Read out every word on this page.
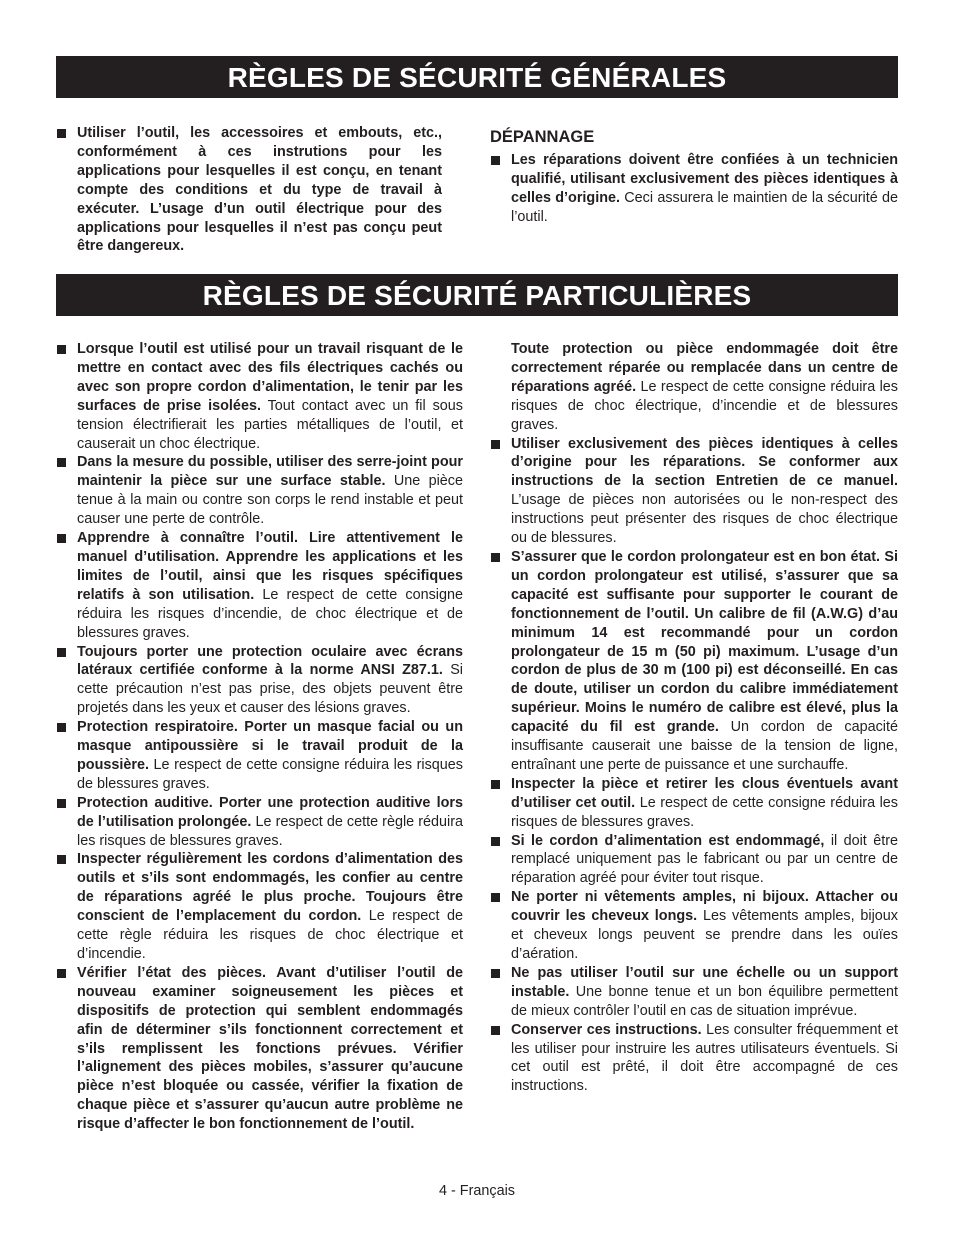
RÈGLES DE SÉCURITÉ GÉNÉRALES

Utiliser l’outil, les accessoires et embouts, etc., conformément à ces instrutions pour les applications pour lesquelles il est conçu, en tenant compte des conditions et du type de travail à exécuter. L’usage d’un outil électrique pour des applications pour lesquelles il n’est pas conçu peut être dangereux.

DÉPANNAGE

Les réparations doivent être confiées à un technicien qualifié, utilisant exclusivement des pièces identiques à celles d’origine. Ceci assurera le maintien de la sécurité de l’outil.

RÈGLES DE SÉCURITÉ PARTICULIÈRES

Lorsque l’outil est utilisé pour un travail risquant de le mettre en contact avec des fils électriques cachés ou avec son propre cordon d’alimentation, le tenir par les surfaces de prise isolées. Tout contact avec un fil sous tension électrifierait les parties métalliques de l’outil, et causerait un choc électrique.

Dans la mesure du possible, utiliser des serre-joint pour maintenir la pièce sur une surface stable. Une pièce tenue à la main ou contre son corps le rend instable et peut causer une perte de contrôle.

Apprendre à connaître l’outil. Lire attentivement le manuel d’utilisation. Apprendre les applications et les limites de l’outil, ainsi que les risques spécifiques relatifs à son utilisation. Le respect de cette consigne réduira les risques d’incendie, de choc électrique et de blessures graves.

Toujours porter une protection oculaire avec écrans latéraux certifiée conforme à la norme ANSI Z87.1. Si cette précaution n’est pas prise, des objets peuvent être projetés dans les yeux et causer des lésions graves.

Protection respiratoire. Porter un masque facial ou un masque antipoussière si le travail produit de la poussière. Le respect de cette consigne réduira les risques de blessures graves.

Protection auditive. Porter une protection auditive lors de l’utilisation prolongée. Le respect de cette règle réduira les risques de blessures graves.

Inspecter régulièrement les cordons d’alimentation des outils et s’ils sont endommagés, les confier au centre de réparations agréé le plus proche. Toujours être conscient de l’emplacement du cordon. Le respect de cette règle réduira les risques de choc électrique et d’incendie.

Vérifier l’état des pièces. Avant d’utiliser l’outil de nouveau examiner soigneusement les pièces et dispositifs de protection qui semblent endommagés afin de déterminer s’ils fonctionnent correctement et s’ils remplissent les fonctions prévues. Vérifier l’alignement des pièces mobiles, s’assurer qu’aucune pièce n’est bloquée ou cassée, vérifier la fixation de chaque pièce et s’assurer qu’aucun autre problème ne risque d’affecter le bon fonctionnement de l’outil.

Toute protection ou pièce endommagée doit être correctement réparée ou remplacée dans un centre de réparations agréé. Le respect de cette consigne réduira les risques de choc électrique, d’incendie et de blessures graves.

Utiliser exclusivement des pièces identiques à celles d’origine pour les réparations. Se conformer aux instructions de la section Entretien de ce manuel. L’usage de pièces non autorisées ou le non-respect des instructions peut présenter des risques de choc électrique ou de blessures.

S’assurer que le cordon prolongateur est en bon état. Si un cordon prolongateur est utilisé, s’assurer que sa capacité est suffisante pour supporter le courant de fonctionnement de l’outil. Un calibre de fil (A.W.G) d’au minimum 14 est recommandé pour un cordon prolongateur de 15 m (50 pi) maximum. L’usage d’un cordon de plus de 30 m (100 pi) est déconseillé. En cas de doute, utiliser un cordon du calibre immédiatement supérieur. Moins le numéro de calibre est élevé, plus la capacité du fil est grande. Un cordon de capacité insuffisante causerait une baisse de la tension de ligne, entraînant une perte de puissance et une surchauffe.

Inspecter la pièce et retirer les clous éventuels avant d’utiliser cet outil. Le respect de cette consigne réduira les risques de blessures graves.

Si le cordon d’alimentation est endommagé, il doit être remplacé uniquement pas le fabricant ou par un centre de réparation agréé pour éviter tout risque.

Ne porter ni vêtements amples, ni bijoux. Attacher ou couvrir les cheveux longs. Les vêtements amples, bijoux et cheveux longs peuvent se prendre dans les ouïes d’aération.

Ne pas utiliser l’outil sur une échelle ou un support instable. Une bonne tenue et un bon équilibre permettent de mieux contrôler l’outil en cas de situation imprévue.

Conserver ces instructions. Les consulter fréquemment et les utiliser pour instruire les autres utilisateurs éventuels. Si cet outil est prêté, il doit être accompagné de ces instructions.

4 - Français
